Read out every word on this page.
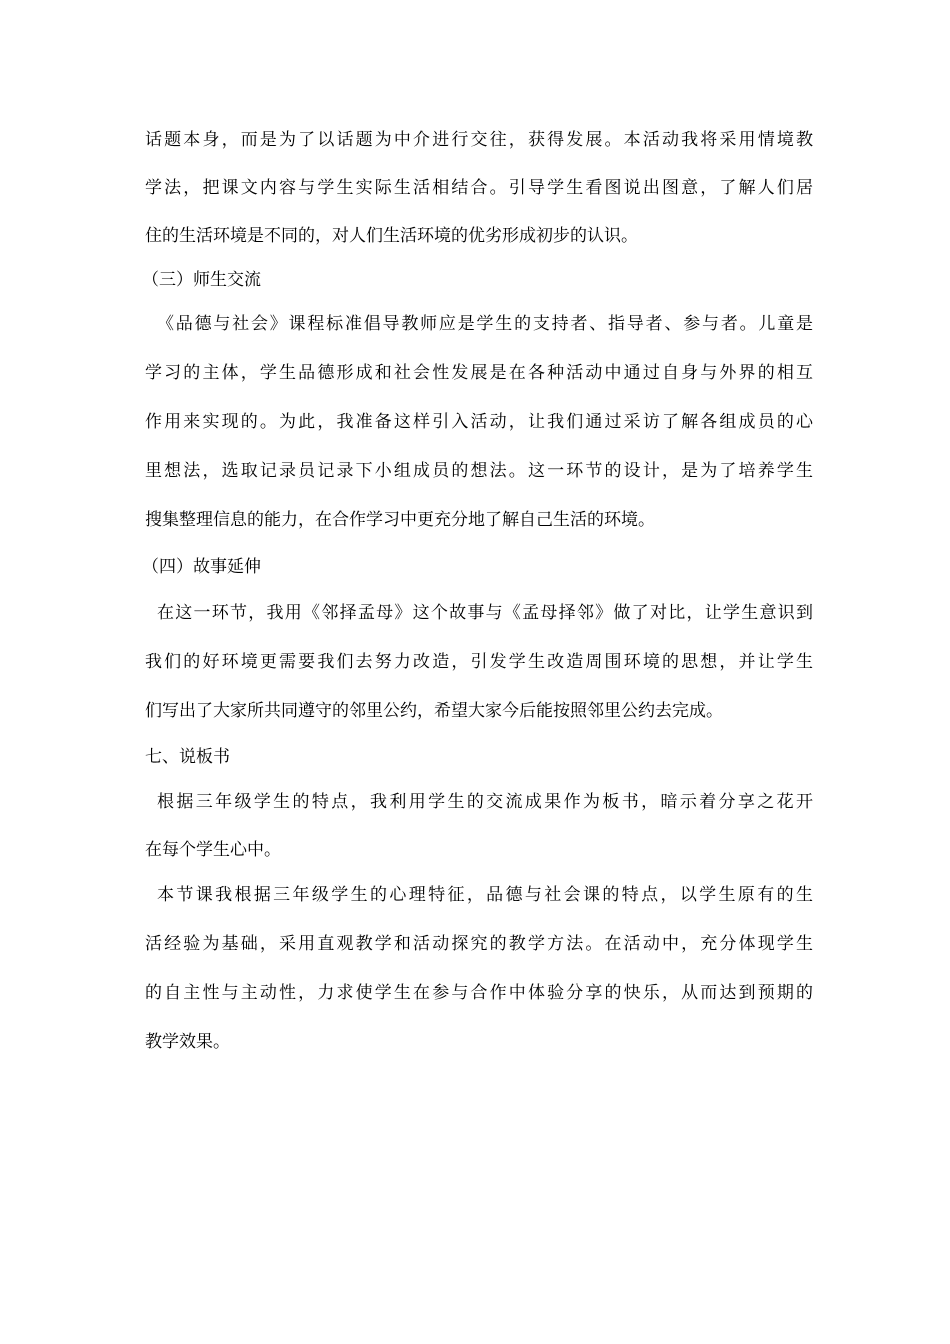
话题本身，而是为了以话题为中介进行交往，获得发展。本活动我将采用情境教
学法，把课文内容与学生实际生活相结合。引导学生看图说出图意，了解人们居
住的生活环境是不同的，对人们生活环境的优劣形成初步的认识。
（三）师生交流
《品德与社会》课程标准倡导教师应是学生的支持者、指导者、参与者。儿童是
学习的主体，学生品德形成和社会性发展是在各种活动中通过自身与外界的相互
作用来实现的。为此，我准备这样引入活动，让我们通过采访了解各组成员的心
里想法，选取记录员记录下小组成员的想法。这一环节的设计，是为了培养学生
搜集整理信息的能力，在合作学习中更充分地了解自己生活的环境。
（四）故事延伸
在这一环节，我用《邻择孟母》这个故事与《孟母择邻》做了对比，让学生意识到
我们的好环境更需要我们去努力改造，引发学生改造周围环境的思想，并让学生
们写出了大家所共同遵守的邻里公约，希望大家今后能按照邻里公约去完成。
七、说板书
根据三年级学生的特点，我利用学生的交流成果作为板书，暗示着分享之花开
在每个学生心中。
本节课我根据三年级学生的心理特征，品德与社会课的特点，以学生原有的生
活经验为基础，采用直观教学和活动探究的教学方法。在活动中，充分体现学生
的自主性与主动性，力求使学生在参与合作中体验分享的快乐，从而达到预期的
教学效果。
